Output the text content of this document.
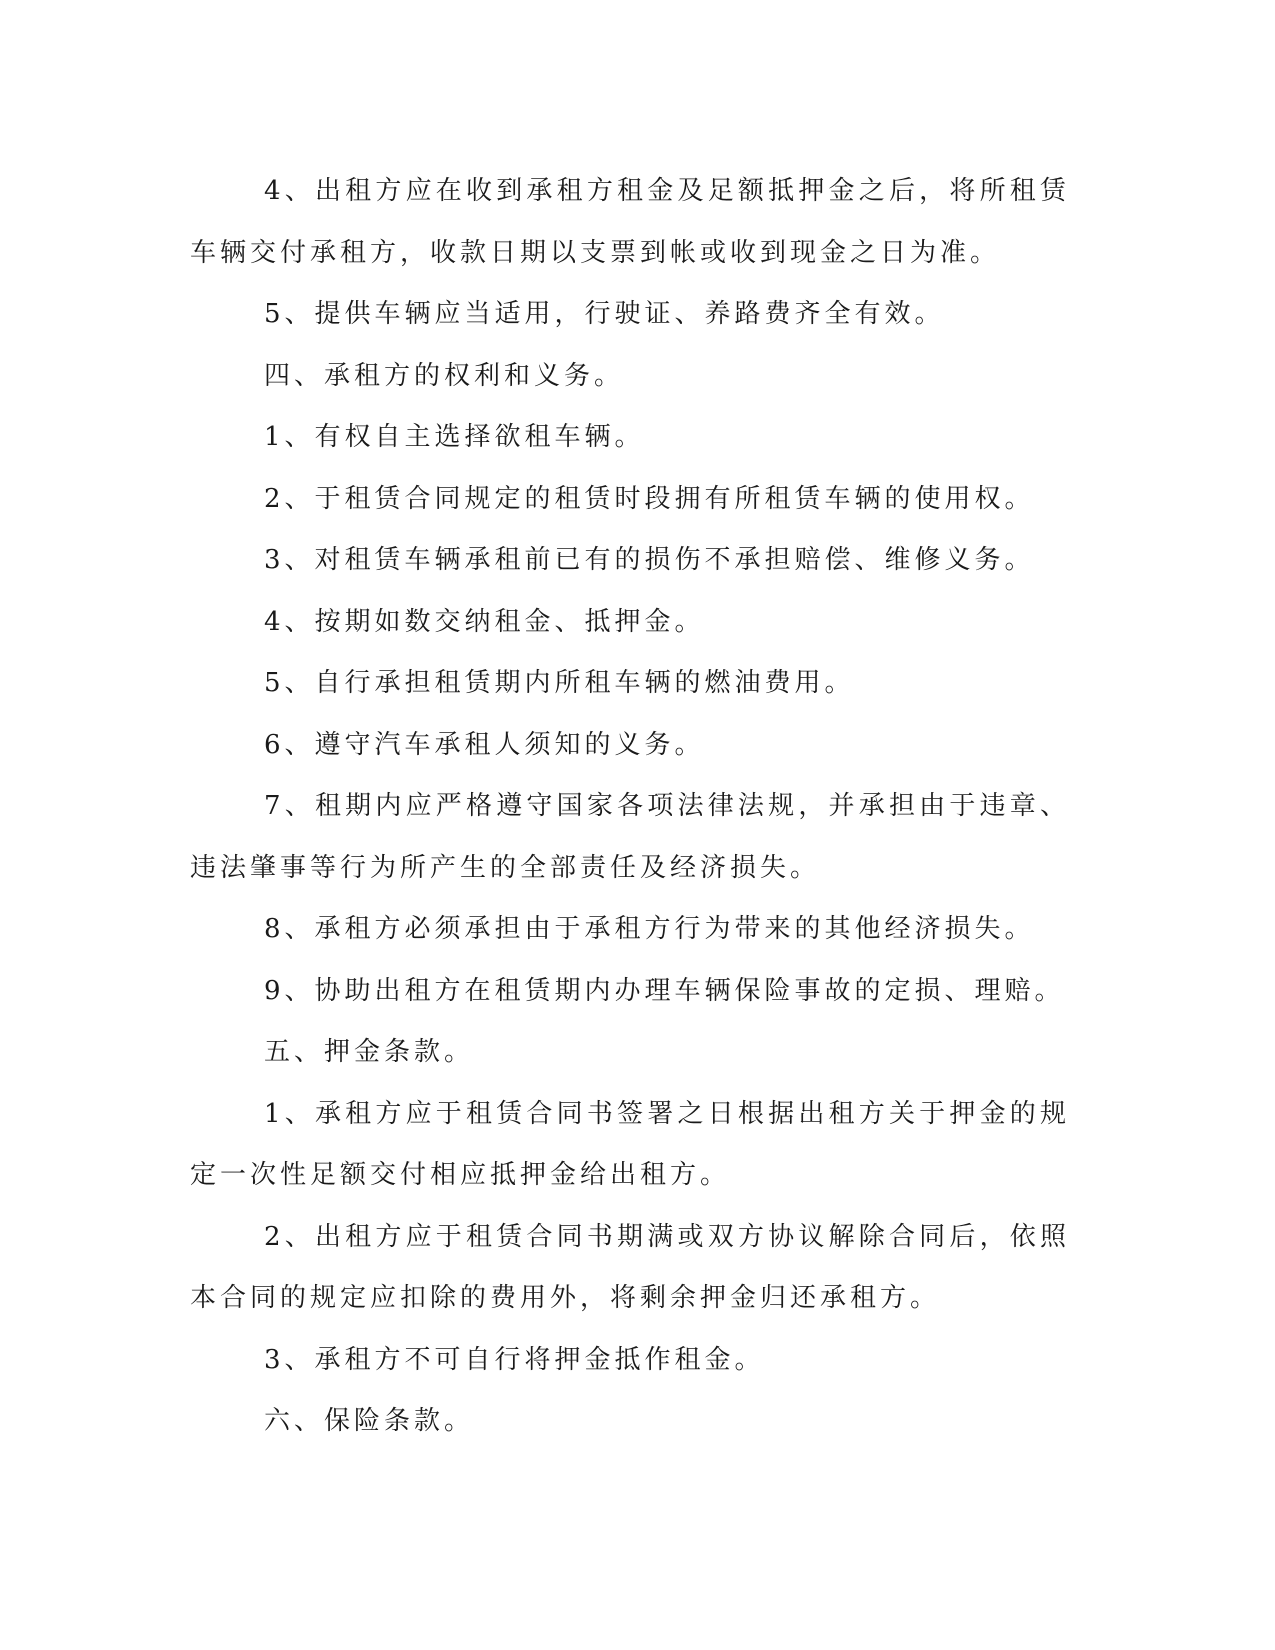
4、出租方应在收到承租方租金及足额抵押金之后，将所租赁车辆交付承租方，收款日期以支票到帐或收到现金之日为准。

5、提供车辆应当适用，行驶证、养路费齐全有效。

四、承租方的权利和义务。

1、有权自主选择欲租车辆。

2、于租赁合同规定的租赁时段拥有所租赁车辆的使用权。

3、对租赁车辆承租前已有的损伤不承担赔偿、维修义务。

4、按期如数交纳租金、抵押金。

5、自行承担租赁期内所租车辆的燃油费用。

6、遵守汽车承租人须知的义务。

7、租期内应严格遵守国家各项法律法规，并承担由于违章、违法肇事等行为所产生的全部责任及经济损失。

8、承租方必须承担由于承租方行为带来的其他经济损失。

9、协助出租方在租赁期内办理车辆保险事故的定损、理赔。

五、押金条款。

1、承租方应于租赁合同书签署之日根据出租方关于押金的规定一次性足额交付相应抵押金给出租方。

2、出租方应于租赁合同书期满或双方协议解除合同后，依照本合同的规定应扣除的费用外，将剩余押金归还承租方。

3、承租方不可自行将押金抵作租金。

六、保险条款。
